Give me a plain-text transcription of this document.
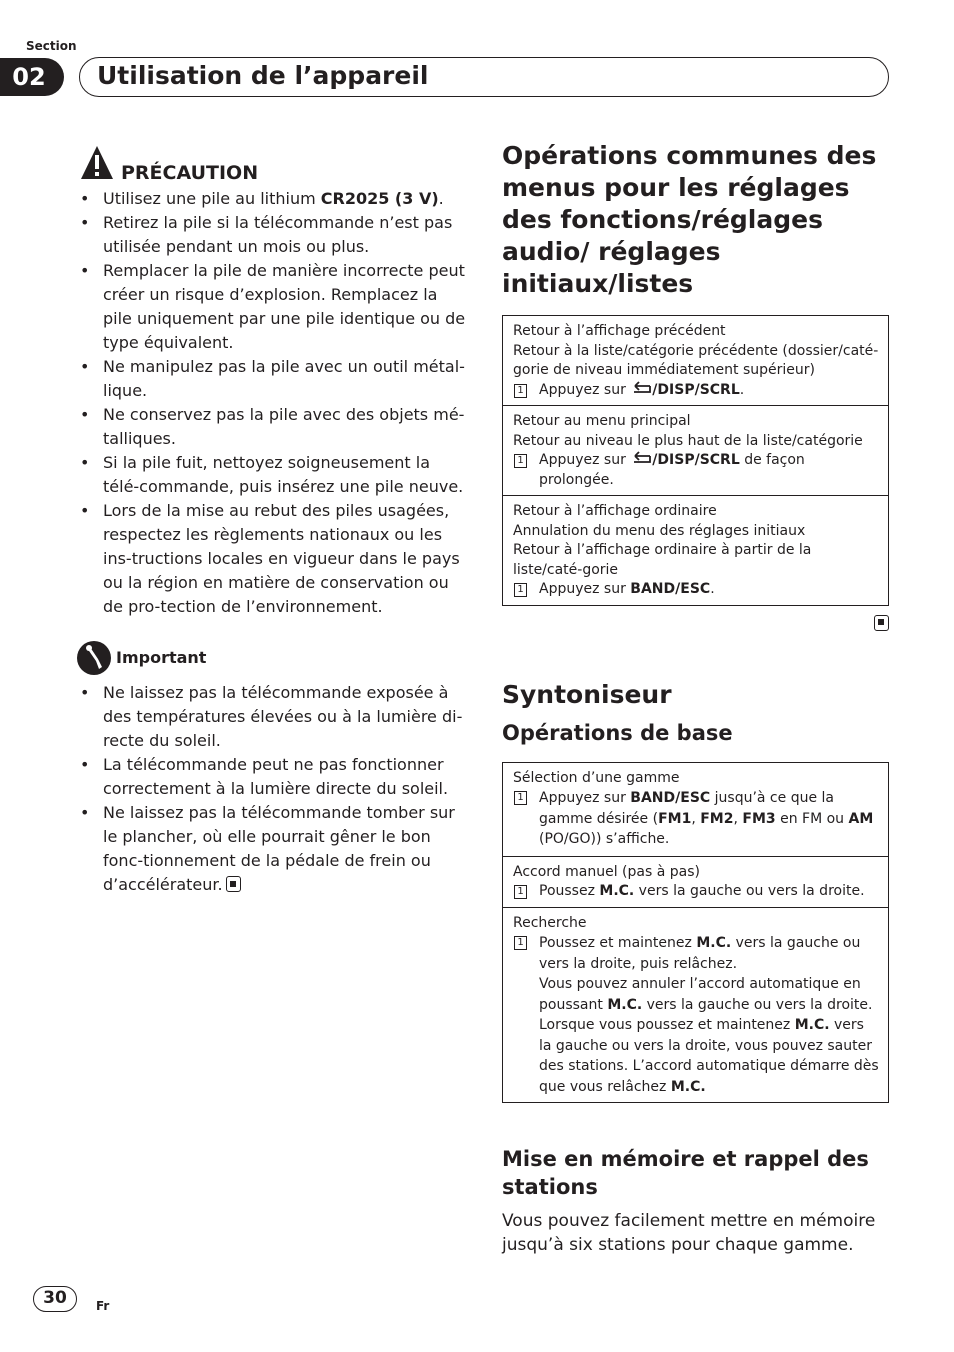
Section
02	Utilisation de l’appareil
PRÉCAUTION
• Utilisez une pile au lithium CR2025 (3 V).
• Retirez la pile si la télécommande n’est pas utilisée pendant un mois ou plus.
• Remplacer la pile de manière incorrecte peut créer un risque d’explosion. Remplacez la pile uniquement par une pile identique ou de type équivalent.
• Ne manipulez pas la pile avec un outil métal-lique.
• Ne conservez pas la pile avec des objets mé-talliques.
• Si la pile fuit, nettoyez soigneusement la télé-commande, puis insérez une pile neuve.
• Lors de la mise au rebut des piles usagées, respectez les règlements nationaux ou les ins-tructions locales en vigueur dans le pays ou la région en matière de conservation ou de pro-tection de l’environnement.
Important
• Ne laissez pas la télécommande exposée à des températures élevées ou à la lumière di-recte du soleil.
• La télécommande peut ne pas fonctionner correctement à la lumière directe du soleil.
• Ne laissez pas la télécommande tomber sur le plancher, où elle pourrait gêner le bon fonc-tionnement de la pédale de frein ou d’accélérateur.
Opérations communes des menus pour les réglages des fonctions/réglages audio/ réglages initiaux/listes
Retour à l’affichage précédent
Retour à la liste/catégorie précédente (dossier/caté-gorie de niveau immédiatement supérieur)
1 Appuyez sur /DISP/SCRL.

Retour au menu principal
Retour au niveau le plus haut de la liste/catégorie
1 Appuyez sur /DISP/SCRL de façon prolongée.

Retour à l’affichage ordinaire
Annulation du menu des réglages initiaux
Retour à l’affichage ordinaire à partir de la liste/caté-gorie
1 Appuyez sur BAND/ESC.
Syntoniseur
Opérations de base
Sélection d’une gamme
1 Appuyez sur BAND/ESC jusqu’à ce que la gamme désirée (FM1, FM2, FM3 en FM ou AM (PO/GO)) s’affiche.

Accord manuel (pas à pas)
1 Poussez M.C. vers la gauche ou vers la droite.

Recherche
1 Poussez et maintenez M.C. vers la gauche ou vers la droite, puis relâchez.
Vous pouvez annuler l’accord automatique en poussant M.C. vers la gauche ou vers la droite.
Lorsque vous poussez et maintenez M.C. vers la gauche ou vers la droite, vous pouvez sauter des stations. L’accord automatique démarre dès que vous relâchez M.C.
Mise en mémoire et rappel des stations

Vous pouvez facilement mettre en mémoire jusqu’à six stations pour chaque gamme.

30	Fr
